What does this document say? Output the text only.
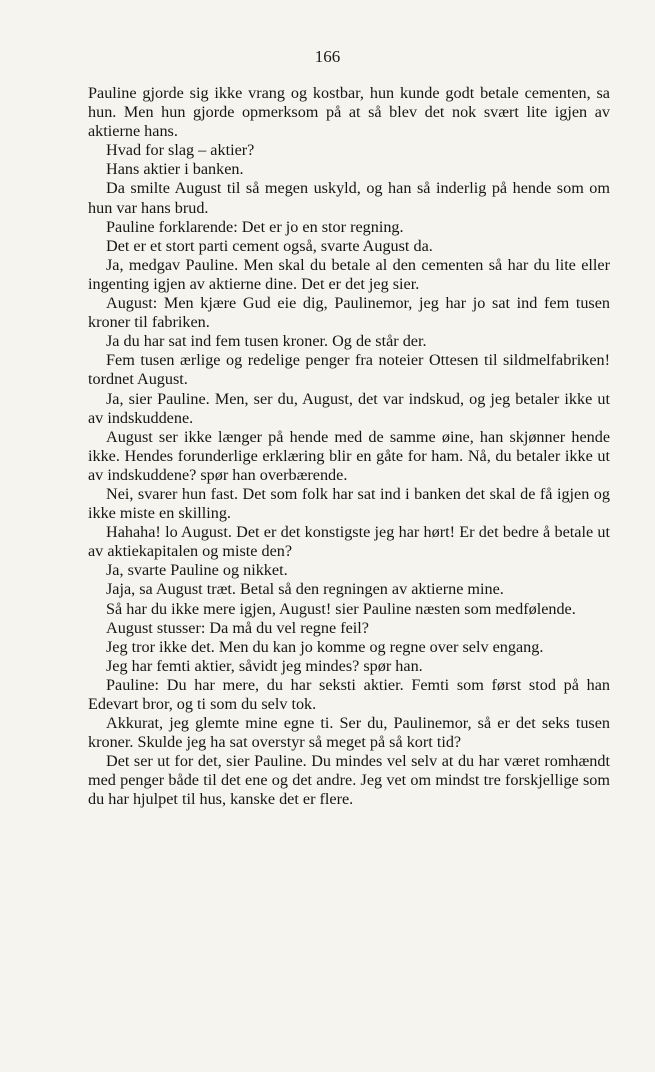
166

Pauline gjorde sig ikke vrang og kostbar, hun kunde godt betale cementen, sa hun. Men hun gjorde opmerksom på at så blev det nok svært lite igjen av aktierne hans.

Hvad for slag – aktier?

Hans aktier i banken.

Da smilte August til så megen uskyld, og han så inderlig på hende som om hun var hans brud.

Pauline forklarende: Det er jo en stor regning.

Det er et stort parti cement også, svarte August da.

Ja, medgav Pauline. Men skal du betale al den cementen så har du lite eller ingenting igjen av aktierne dine. Det er det jeg sier.

August: Men kjære Gud eie dig, Paulinemor, jeg har jo sat ind fem tusen kroner til fabriken.

Ja du har sat ind fem tusen kroner. Og de står der.

Fem tusen ærlige og redelige penger fra noteier Ottesen til sildmelfabriken! tordnet August.

Ja, sier Pauline. Men, ser du, August, det var indskud, og jeg betaler ikke ut av indskuddene.

August ser ikke længer på hende med de samme øine, han skjønner hende ikke. Hendes forunderlige erklæring blir en gåte for ham. Nå, du betaler ikke ut av indskuddene? spør han overbærende.

Nei, svarer hun fast. Det som folk har sat ind i banken det skal de få igjen og ikke miste en skilling.

Hahaha! lo August. Det er det konstigste jeg har hørt! Er det bedre å betale ut av aktiekapitalen og miste den?

Ja, svarte Pauline og nikket.

Jaja, sa August træt. Betal så den regningen av aktierne mine.

Så har du ikke mere igjen, August! sier Pauline næsten som medfølende.

August stusser: Da må du vel regne feil?

Jeg tror ikke det. Men du kan jo komme og regne over selv engang.

Jeg har femti aktier, såvidt jeg mindes? spør han.

Pauline: Du har mere, du har seksti aktier. Femti som først stod på han Edevart bror, og ti som du selv tok.

Akkurat, jeg glemte mine egne ti. Ser du, Paulinemor, så er det seks tusen kroner. Skulde jeg ha sat overstyr så meget på så kort tid?

Det ser ut for det, sier Pauline. Du mindes vel selv at du har været romhændt med penger både til det ene og det andre. Jeg vet om mindst tre forskjellige som du har hjulpet til hus, kanske det er flere.
